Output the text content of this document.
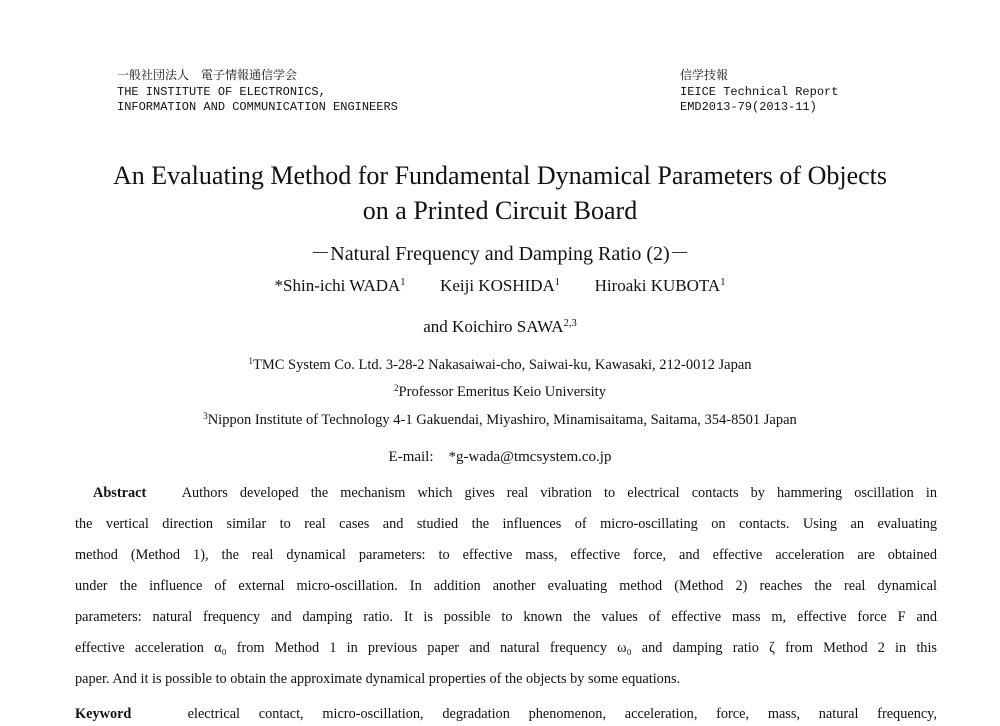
一般社団法人　電子情報通信学会
THE INSTITUTE OF ELECTRONICS,
INFORMATION AND COMMUNICATION ENGINEERS
信学技報
IEICE Technical Report
EMD2013-79(2013-11)
An Evaluating Method for Fundamental Dynamical Parameters of Objects
on a Printed Circuit Board
－Natural Frequency and Damping Ratio (2)－
*Shin-ichi WADA$^1$ Keiji KOSHIDA$^1$ Hiroaki KUBOTA$^1$
and Koichiro SAWA$^{2,3}$
$^1$TMC System Co. Ltd. 3-28-2 Nakasaiwai-cho, Saiwai-ku, Kawasaki, 212-0012 Japan
$^2$Professor Emeritus Keio University
$^3$Nippon Institute of Technology 4-1 Gakuendai, Miyashiro, Minamisaitama, Saitama, 354-8501 Japan
E-mail:　*g-wada@tmcsystem.co.jp
Abstract Authors developed the mechanism which gives real vibration to electrical contacts by hammering oscillation in
the vertical direction similar to real cases and studied the influences of micro-oscillating on contacts. Using an evaluating
method (Method 1), the real dynamical parameters: to effective mass, effective force, and effective acceleration are obtained
under the influence of external micro-oscillation. In addition another evaluating method (Method 2) reaches the real dynamical
parameters: natural frequency and damping ratio. It is possible to known the values of effective mass m, effective force F and
effective acceleration α₀ from Method 1 in previous paper and natural frequency ω₀ and damping ratio ζ from Method 2 in this
paper. And it is possible to obtain the approximate dynamical properties of the objects by some equations.
Keyword	electrical contact, micro-oscillation, degradation phenomenon, acceleration, force, mass, natural frequency,
